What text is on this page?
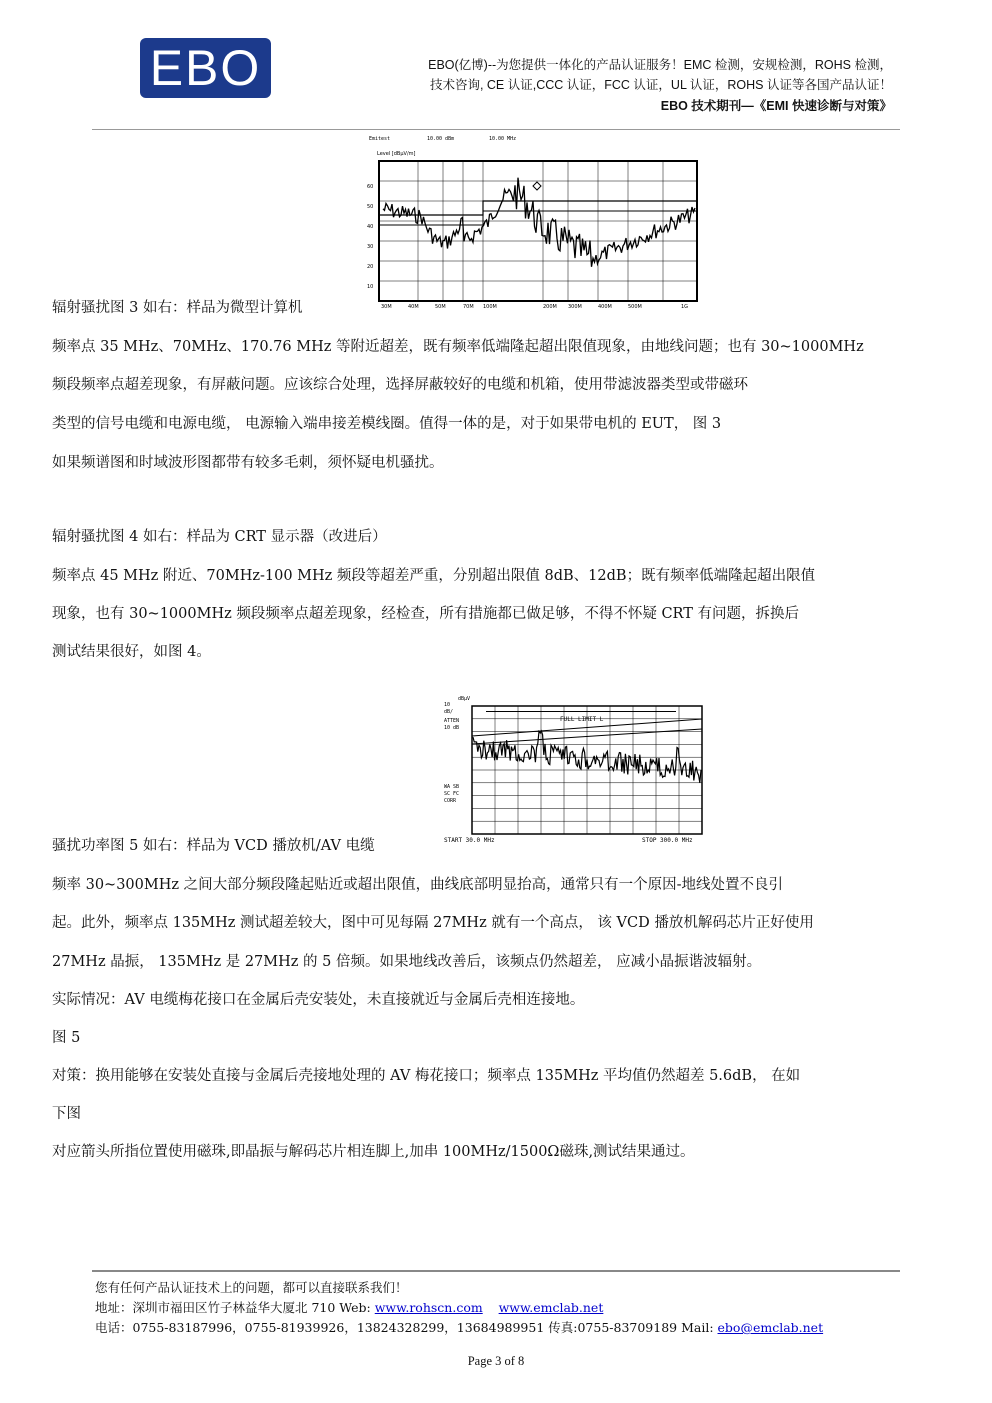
EBO	EBO(亿博)--为您提供一体化的产品认证服务！EMC 检测，安规检测，ROHS 检测，
技术咨询, CE 认证,CCC 认证，FCC 认证，UL 认证，ROHS 认证等各国产品认证！
EBO 技术期刊—《EMI 快速诊断与对策》
Emitest	10.00 dBm	10.00 MHz
Level [dBµV/m]
60
50
40
30
20
10
30M	40M	50M	70M 100M	200M 300M	400M	500M	1G
dBµV
10
dB/
ATTEN
10 dB
WA SB
SC FC
CORR
FULL LIMIT L
START 30.0 MHz	STOP 300.0 MHz
辐射骚扰图 3 如右：样品为微型计算机
频率点 35 MHz、70MHz、170.76 MHz 等附近超差，既有频率低端隆起超出限值现象，由地线问题；也有 30~1000MHz
频段频率点超差现象，有屏蔽问题。应该综合处理，选择屏蔽较好的电缆和机箱，使用带滤波器类型或带磁环
类型的信号电缆和电源电缆， 电源输入端串接差模线圈。值得一体的是，对于如果带电机的 EUT， 图 3
如果频谱图和时域波形图都带有较多毛刺，须怀疑电机骚扰。
辐射骚扰图 4 如右：样品为 CRT 显示器（改进后）
频率点 45 MHz 附近、70MHz-100 MHz 频段等超差严重，分别超出限值 8dB、12dB；既有频率低端隆起超出限值
现象，也有 30~1000MHz 频段频率点超差现象，经检查，所有措施都已做足够，不得不怀疑 CRT 有问题，拆换后
测试结果很好，如图 4。
骚扰功率图 5 如右：样品为 VCD 播放机/AV 电缆
频率 30~300MHz 之间大部分频段隆起贴近或超出限值，曲线底部明显抬高，通常只有一个原因-地线处置不良引
起。此外，频率点 135MHz 测试超差较大，图中可见每隔 27MHz 就有一个高点， 该 VCD 播放机解码芯片正好使用
27MHz 晶振， 135MHz 是 27MHz 的 5 倍频。如果地线改善后，该频点仍然超差， 应减小晶振谐波辐射。
实际情况：AV 电缆梅花接口在金属后壳安装处，未直接就近与金属后壳相连接地。
图 5
对策：换用能够在安装处直接与金属后壳接地处理的 AV 梅花接口；频率点 135MHz 平均值仍然超差 5.6dB， 在如
下图
对应箭头所指位置使用磁珠,即晶振与解码芯片相连脚上,加串 100MHz/1500Ω磁珠,测试结果通过。
您有任何产品认证技术上的问题，都可以直接联系我们！
地址：深圳市福田区竹子林益华大厦北 710 Web: www.rohscn.com www.emclab.net
电话：0755-83187996，0755-81939926，13824328299，13684989951 传真:0755-83709189 Mail: ebo@emclab.net
Page 3 of 8
